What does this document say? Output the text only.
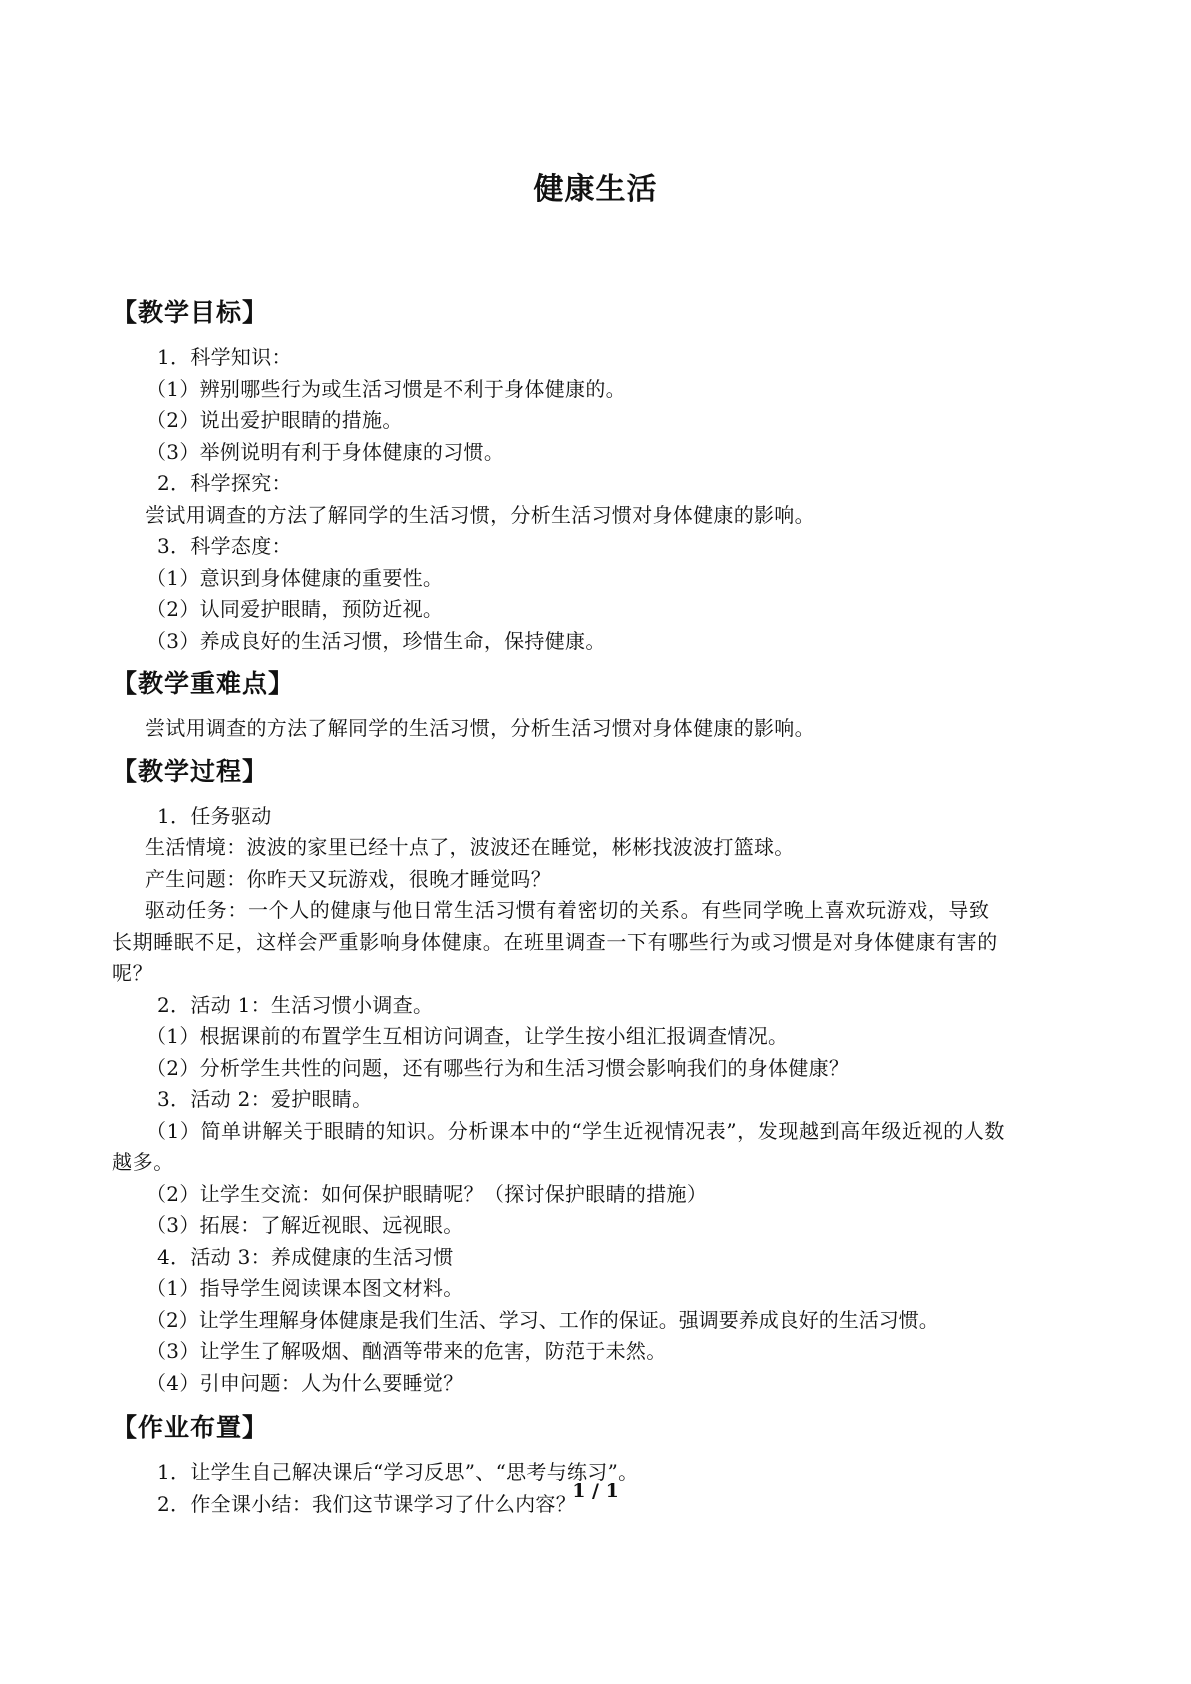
健康生活

【教学目标】

1．科学知识：

（1）辨别哪些行为或生活习惯是不利于身体健康的。

（2）说出爱护眼睛的措施。

（3）举例说明有利于身体健康的习惯。

2．科学探究：

尝试用调查的方法了解同学的生活习惯，分析生活习惯对身体健康的影响。

3．科学态度：

（1）意识到身体健康的重要性。

（2）认同爱护眼睛，预防近视。

（3）养成良好的生活习惯，珍惜生命，保持健康。

【教学重难点】

尝试用调查的方法了解同学的生活习惯，分析生活习惯对身体健康的影响。

【教学过程】

1．任务驱动

生活情境：波波的家里已经十点了，波波还在睡觉，彬彬找波波打篮球。

产生问题：你昨天又玩游戏，很晚才睡觉吗？

驱动任务：一个人的健康与他日常生活习惯有着密切的关系。有些同学晚上喜欢玩游戏，导致长期睡眠不足，这样会严重影响身体健康。在班里调查一下有哪些行为或习惯是对身体健康有害的呢？

2．活动 1：生活习惯小调查。

（1）根据课前的布置学生互相访问调查，让学生按小组汇报调查情况。

（2）分析学生共性的问题，还有哪些行为和生活习惯会影响我们的身体健康？

3．活动 2：爱护眼睛。

（1）简单讲解关于眼睛的知识。分析课本中的“学生近视情况表”，发现越到高年级近视的人数越多。

（2）让学生交流：如何保护眼睛呢？（探讨保护眼睛的措施）

（3）拓展：了解近视眼、远视眼。

4．活动 3：养成健康的生活习惯

（1）指导学生阅读课本图文材料。

（2）让学生理解身体健康是我们生活、学习、工作的保证。强调要养成良好的生活习惯。

（3）让学生了解吸烟、酗酒等带来的危害，防范于未然。

（4）引申问题：人为什么要睡觉？

【作业布置】

1．让学生自己解决课后“学习反思”、“思考与练习”。

2．作全课小结：我们这节课学习了什么内容？

1 / 1
